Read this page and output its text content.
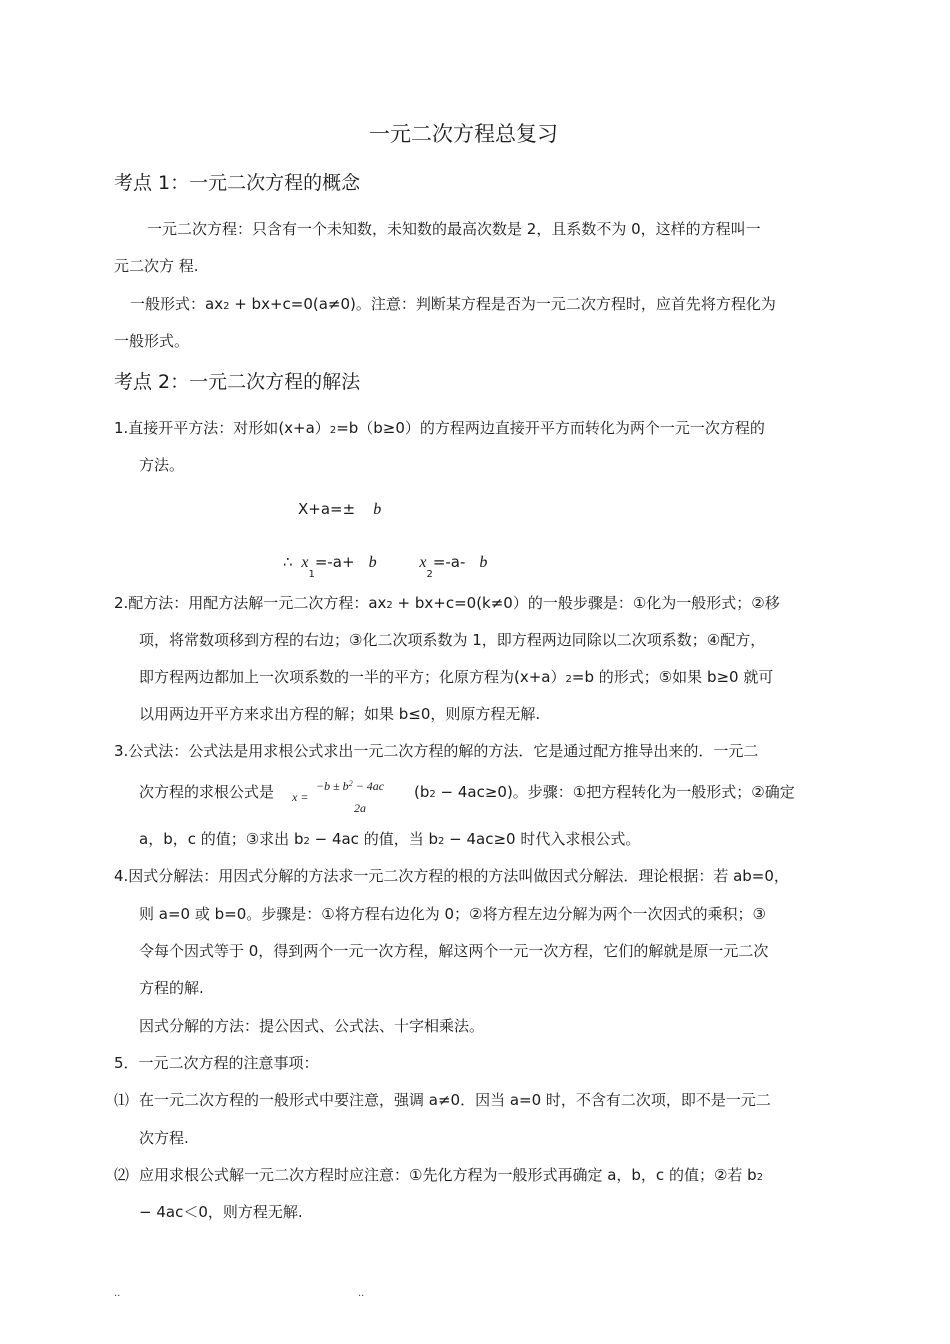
一元二次方程总复习
考点 1：一元二次方程的概念
一元二次方程：只含有一个未知数，未知数的最高次数是 2，且系数不为 0，这样的方程叫一
元二次方 程.
一般形式：ax2 + bx+c=0(a≠0)。注意：判断某方程是否为一元二次方程时，应首先将方程化为
一般形式。
考点 2：一元二次方程的解法
1.直接开平方法：对形如(x+a）2=b（b≥0）的方程两边直接开平方而转化为两个一元一次方程的
方法。
X+a=± b
∴ $x_1=-a+ b$	$x_2=-a-$ b
2.配方法：用配方法解一元二次方程：ax2 + bx+c=0(k≠0）的一般步骤是：①化为一般形式；②移
项，将常数项移到方程的右边；③化二次项系数为 1，即方程两边同除以二次项系数；④配方，
即方程两边都加上一次项系数的一半的平方；化原方程为(x+a）2=b 的形式；⑤如果 b≥0 就可
以用两边开平方来求出方程的解；如果 b≤0，则原方程无解.
3.公式法：公式法是用求根公式求出一元二次方程的解的方法．它是通过配方推导出来的．一元二
次方程的求根公式是 x =
$-b \pm b^2 - 4ac$
2a
(b2 − 4ac≥0)。步骤：①把方程转化为一般形式；②确定
a，b，c 的值；③求出 b2 − 4ac 的值，当 b2 − 4ac≥0 时代入求根公式。
4.因式分解法：用因式分解的方法求一元二次方程的根的方法叫做因式分解法．理论根据：若 ab=0，
则 a=0 或 b=0。步骤是：①将方程右边化为 0；②将方程左边分解为两个一次因式的乘积；③
令每个因式等于 0，得到两个一元一次方程，解这两个一元一次方程，它们的解就是原一元二次
方程的解.
因式分解的方法：提公因式、公式法、十字相乘法。
5．一元二次方程的注意事项：
⑴ 在一元二次方程的一般形式中要注意，强调 a≠0．因当 a=0 时，不含有二次项，即不是一元二
次方程.
⑵ 应用求根公式解一元二次方程时应注意：①先化方程为一般形式再确定 a，b，c 的值；②若 b2
− 4ac＜0，则方程无解.
..	..
